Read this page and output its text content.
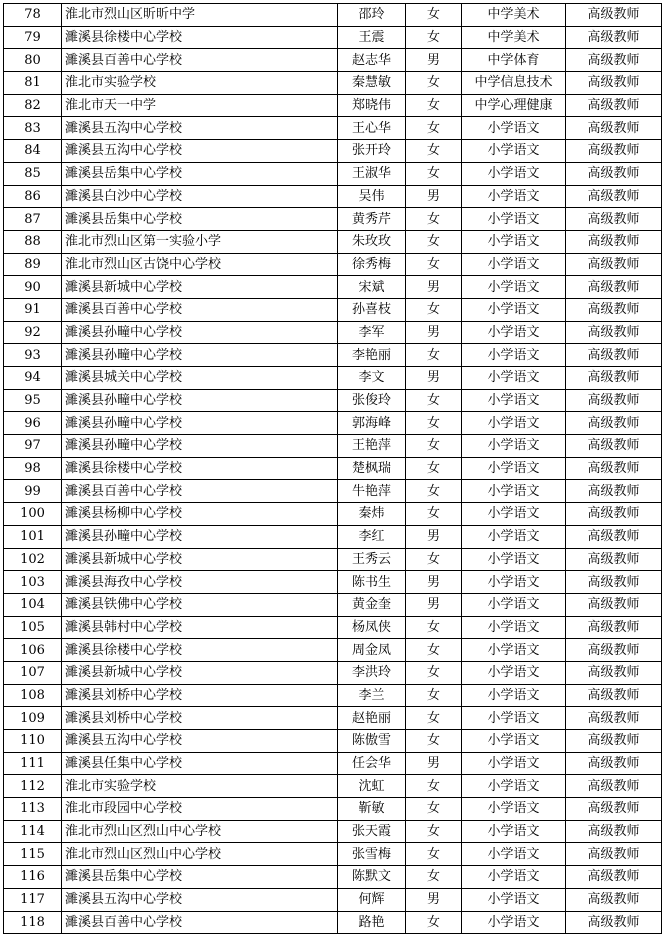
78	淮北市烈山区昕昕中学	邵玲	女	中学美术	高级教师
79	濉溪县徐楼中心学校	王震	女	中学美术	高级教师
80	濉溪县百善中心学校	赵志华	男	中学体育	高级教师
81	淮北市实验学校	秦慧敏	女	中学信息技术	高级教师
82	淮北市天一中学	郑晓伟	女	中学心理健康	高级教师
83	濉溪县五沟中心学校	王心华	女	小学语文	高级教师
84	濉溪县五沟中心学校	张开玲	女	小学语文	高级教师
85	濉溪县岳集中心学校	王淑华	女	小学语文	高级教师
86	濉溪县白沙中心学校	吴伟	男	小学语文	高级教师
87	濉溪县岳集中心学校	黄秀芹	女	小学语文	高级教师
88	淮北市烈山区第一实验小学	朱玫玫	女	小学语文	高级教师
89	淮北市烈山区古饶中心学校	徐秀梅	女	小学语文	高级教师
90	濉溪县新城中心学校	宋斌	男	小学语文	高级教师
91	濉溪县百善中心学校	孙喜枝	女	小学语文	高级教师
92	濉溪县孙疃中心学校	李军	男	小学语文	高级教师
93	濉溪县孙疃中心学校	李艳丽	女	小学语文	高级教师
94	濉溪县城关中心学校	李文	男	小学语文	高级教师
95	濉溪县孙疃中心学校	张俊玲	女	小学语文	高级教师
96	濉溪县孙疃中心学校	郭海峰	女	小学语文	高级教师
97	濉溪县孙疃中心学校	王艳萍	女	小学语文	高级教师
98	濉溪县徐楼中心学校	楚枫瑞	女	小学语文	高级教师
99	濉溪县百善中心学校	牛艳萍	女	小学语文	高级教师
100	濉溪县杨柳中心学校	秦炜	女	小学语文	高级教师
101	濉溪县孙疃中心学校	李红	男	小学语文	高级教师
102	濉溪县新城中心学校	王秀云	女	小学语文	高级教师
103	濉溪县海孜中心学校	陈书生	男	小学语文	高级教师
104	濉溪县铁佛中心学校	黄金奎	男	小学语文	高级教师
105	濉溪县韩村中心学校	杨凤侠	女	小学语文	高级教师
106	濉溪县徐楼中心学校	周金凤	女	小学语文	高级教师
107	濉溪县新城中心学校	李洪玲	女	小学语文	高级教师
108	濉溪县刘桥中心学校	李兰	女	小学语文	高级教师
109	濉溪县刘桥中心学校	赵艳丽	女	小学语文	高级教师
110	濉溪县五沟中心学校	陈傲雪	女	小学语文	高级教师
111	濉溪县任集中心学校	任会华	男	小学语文	高级教师
112	淮北市实验学校	沈虹	女	小学语文	高级教师
113	淮北市段园中心学校	靳敏	女	小学语文	高级教师
114	淮北市烈山区烈山中心学校	张天霞	女	小学语文	高级教师
115	淮北市烈山区烈山中心学校	张雪梅	女	小学语文	高级教师
116	濉溪县岳集中心学校	陈默文	女	小学语文	高级教师
117	濉溪县五沟中心学校	何辉	男	小学语文	高级教师
118	濉溪县百善中心学校	路艳	女	小学语文	高级教师
